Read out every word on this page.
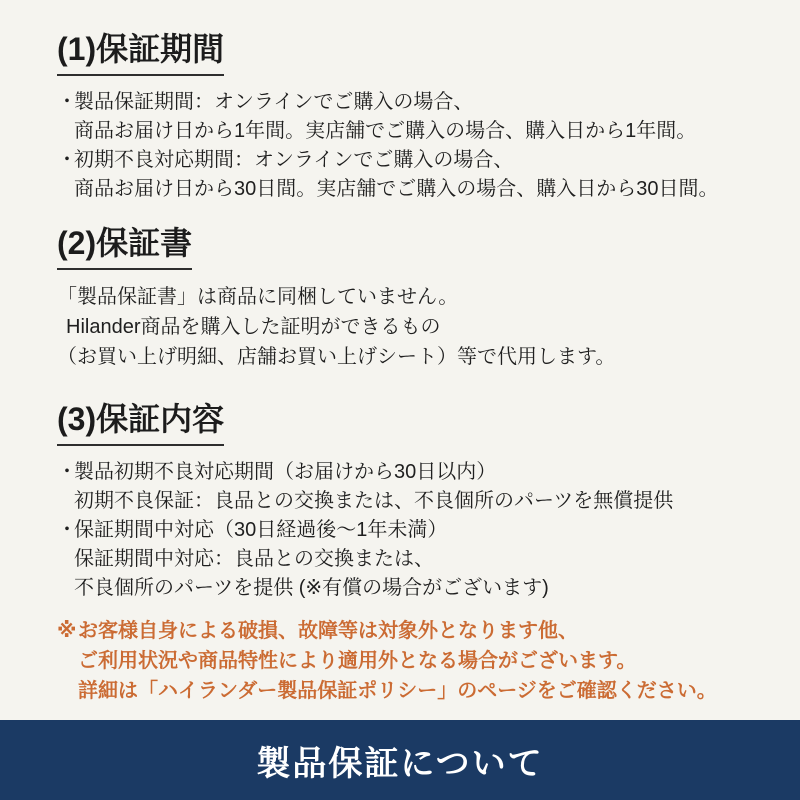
(1)保証期間
・
製品保証期間：オンラインでご購入の場合、
商品お届け日から1年間。実店舗でご購入の場合、購入日から1年間。
・
初期不良対応期間：オンラインでご購入の場合、
商品お届け日から30日間。実店舗でご購入の場合、購入日から30日間。
(2)保証書
「製品保証書」は商品に同梱していません。
Hilander商品を購入した証明ができるもの
（お買い上げ明細、店舗お買い上げシート）等で代用します。
(3)保証内容
・
製品初期不良対応期間（お届けから30日以内）
初期不良保証：良品との交換または、不良個所のパーツを無償提供
・
保証期間中対応（30日経過後〜1年未満）
保証期間中対応：良品との交換または、
不良個所のパーツを提供 (※有償の場合がございます)
※ お客様自身による破損、故障等は対象外となります他、
ご利用状況や商品特性により適用外となる場合がございます。
詳細は「ハイランダー製品保証ポリシー」のページをご確認ください。
製品保証について
